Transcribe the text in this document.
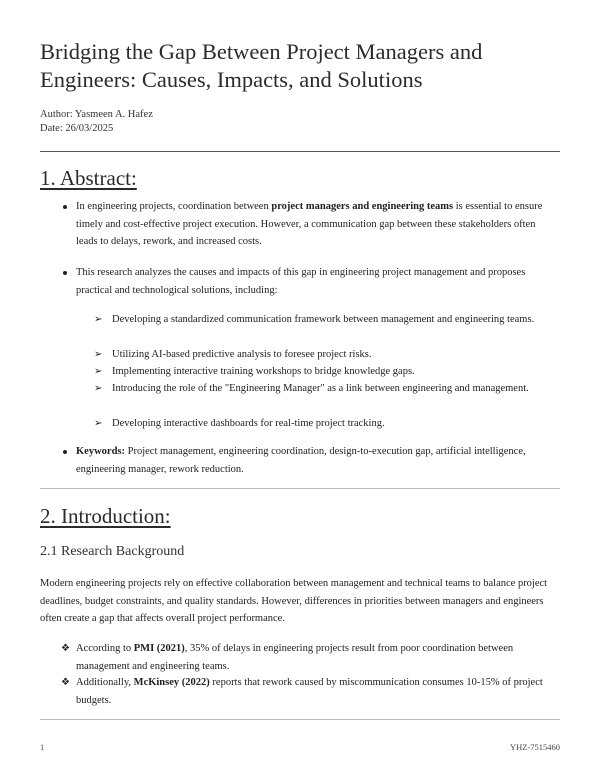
Bridging the Gap Between Project Managers and Engineers: Causes, Impacts, and Solutions
Author: Yasmeen A. Hafez
Date: 26/03/2025
1. Abstract:
In engineering projects, coordination between project managers and engineering teams is essential to ensure timely and cost-effective project execution. However, a communication gap between these stakeholders often leads to delays, rework, and increased costs.
This research analyzes the causes and impacts of this gap in engineering project management and proposes practical and technological solutions, including:
➢ Developing a standardized communication framework between management and engineering teams.
➢ Utilizing AI-based predictive analysis to foresee project risks.
➢ Implementing interactive training workshops to bridge knowledge gaps.
➢ Introducing the role of the "Engineering Manager" as a link between engineering and management.
➢ Developing interactive dashboards for real-time project tracking.
Keywords: Project management, engineering coordination, design-to-execution gap, artificial intelligence, engineering manager, rework reduction.
2. Introduction:
2.1 Research Background
Modern engineering projects rely on effective collaboration between management and technical teams to balance project deadlines, budget constraints, and quality standards. However, differences in priorities between managers and engineers often create a gap that affects overall project performance.
❖ According to PMI (2021), 35% of delays in engineering projects result from poor coordination between management and engineering teams.
❖ Additionally, McKinsey (2022) reports that rework caused by miscommunication consumes 10-15% of project budgets.
1	YHZ-7515460
